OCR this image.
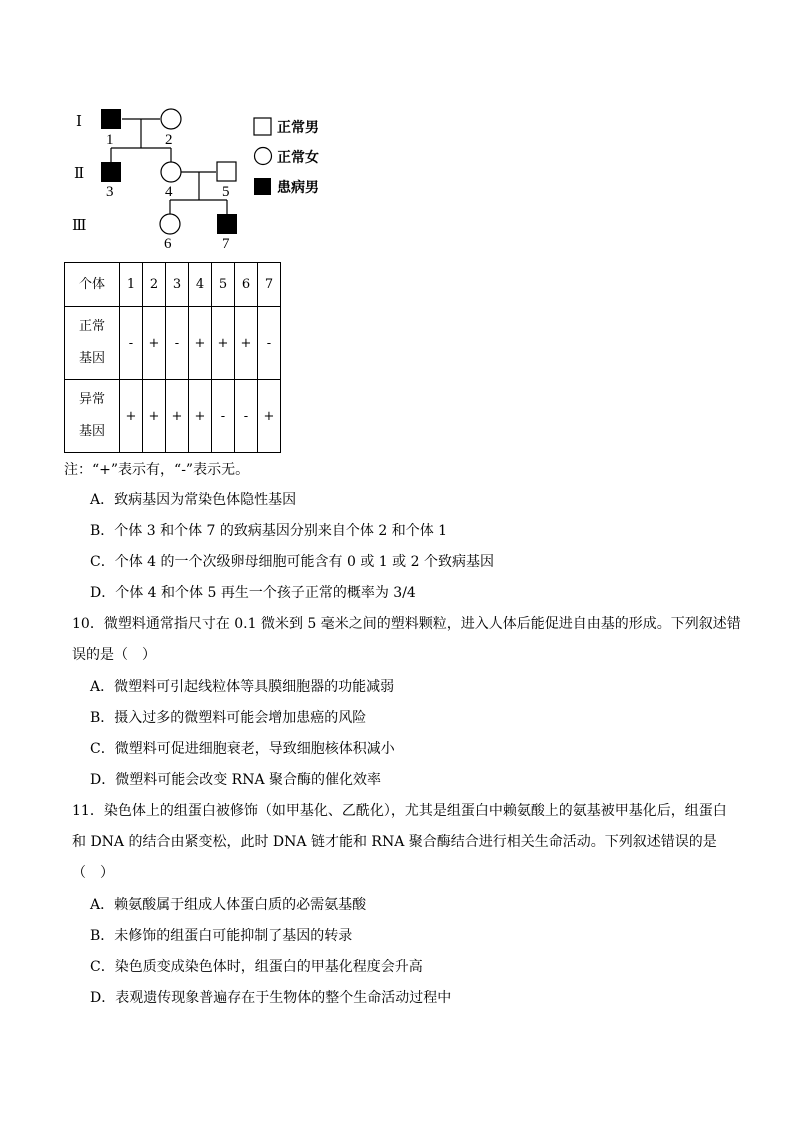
Ⅰ
Ⅱ
Ⅲ
1	2
3	4	5
6	7
正常男
正常女
患病男
个体	1	2	3	4	5	6	7
正常
基因	-	+	-	+	+	+	-
异常
基因	+	+	+	+	-	-	+
注：“+”表示有，“-”表示无。
A．致病基因为常染色体隐性基因
B．个体 3 和个体 7 的致病基因分别来自个体 2 和个体 1
C．个体 4 的一个次级卵母细胞可能含有 0 或 1 或 2 个致病基因
D．个体 4 和个体 5 再生一个孩子正常的概率为 3/4
10．微塑料通常指尺寸在 0.1 微米到 5 毫米之间的塑料颗粒，进入人体后能促进自由基的形成。下列叙述错
误的是（　）
A．微塑料可引起线粒体等具膜细胞器的功能减弱
B．摄入过多的微塑料可能会增加患癌的风险
C．微塑料可促进细胞衰老，导致细胞核体积减小
D．微塑料可能会改变 RNA 聚合酶的催化效率
11．染色体上的组蛋白被修饰（如甲基化、乙酰化），尤其是组蛋白中赖氨酸上的氨基被甲基化后，组蛋白
和 DNA 的结合由紧变松，此时 DNA 链才能和 RNA 聚合酶结合进行相关生命活动。下列叙述错误的是
（　）
A．赖氨酸属于组成人体蛋白质的必需氨基酸
B．未修饰的组蛋白可能抑制了基因的转录
C．染色质变成染色体时，组蛋白的甲基化程度会升高
D．表观遗传现象普遍存在于生物体的整个生命活动过程中
